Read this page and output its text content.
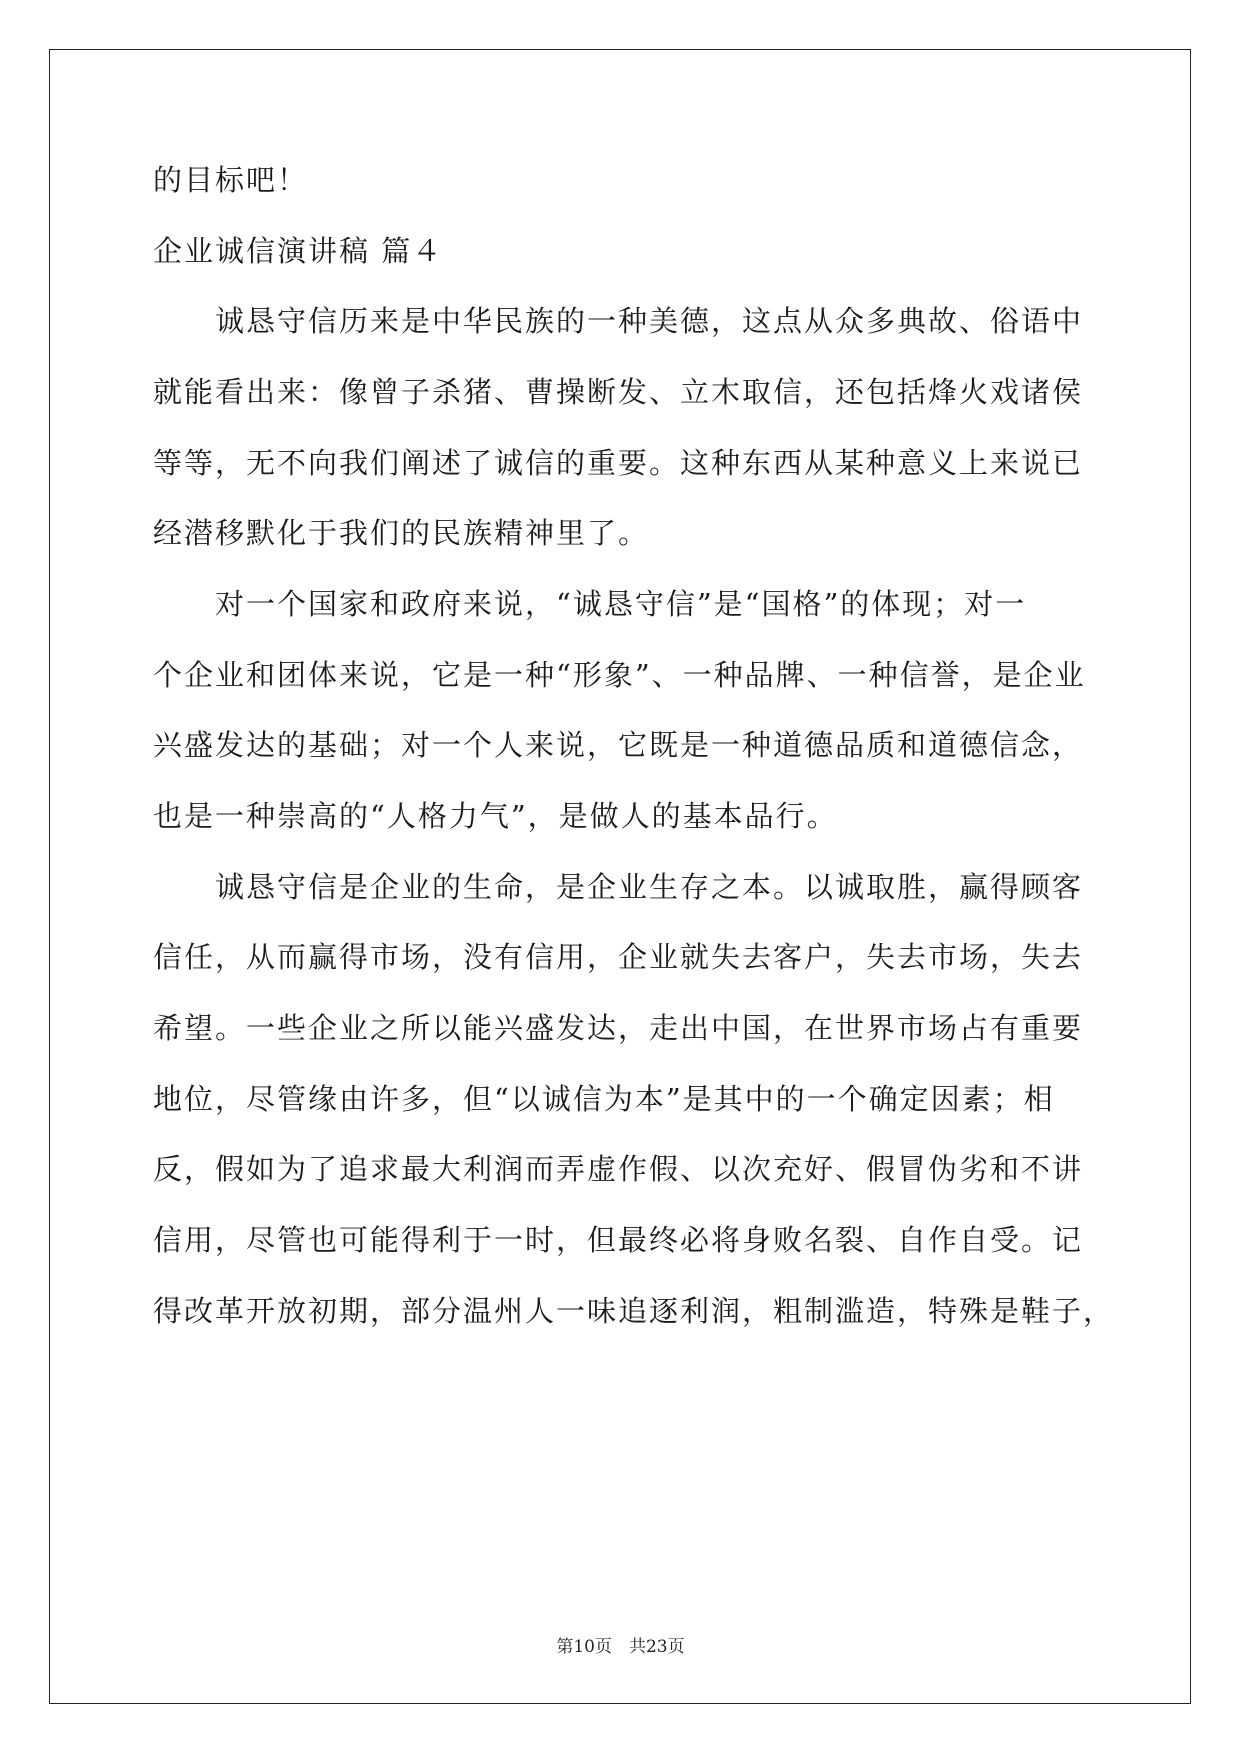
的目标吧！
企业诚信演讲稿 篇４
诚恳守信历来是中华民族的一种美德，这点从众多典故、俗语中
就能看出来：像曾子杀猪、曹操断发、立木取信，还包括烽火戏诸侯
等等，无不向我们阐述了诚信的重要。这种东西从某种意义上来说已
经潜移默化于我们的民族精神里了。
对一个国家和政府来说，“诚恳守信”是“国格”的体现；对一
个企业和团体来说，它是一种“形象”、一种品牌、一种信誉，是企业
兴盛发达的基础；对一个人来说，它既是一种道德品质和道德信念，
也是一种崇高的“人格力气”，是做人的基本品行。
诚恳守信是企业的生命，是企业生存之本。以诚取胜，赢得顾客
信任，从而赢得市场，没有信用，企业就失去客户，失去市场，失去
希望。一些企业之所以能兴盛发达，走出中国，在世界市场占有重要
地位，尽管缘由许多，但“以诚信为本”是其中的一个确定因素；相
反，假如为了追求最大利润而弄虚作假、以次充好、假冒伪劣和不讲
信用，尽管也可能得利于一时，但最终必将身败名裂、自作自受。记
得改革开放初期，部分温州人一味追逐利润，粗制滥造，特殊是鞋子，
第10页　共23页
